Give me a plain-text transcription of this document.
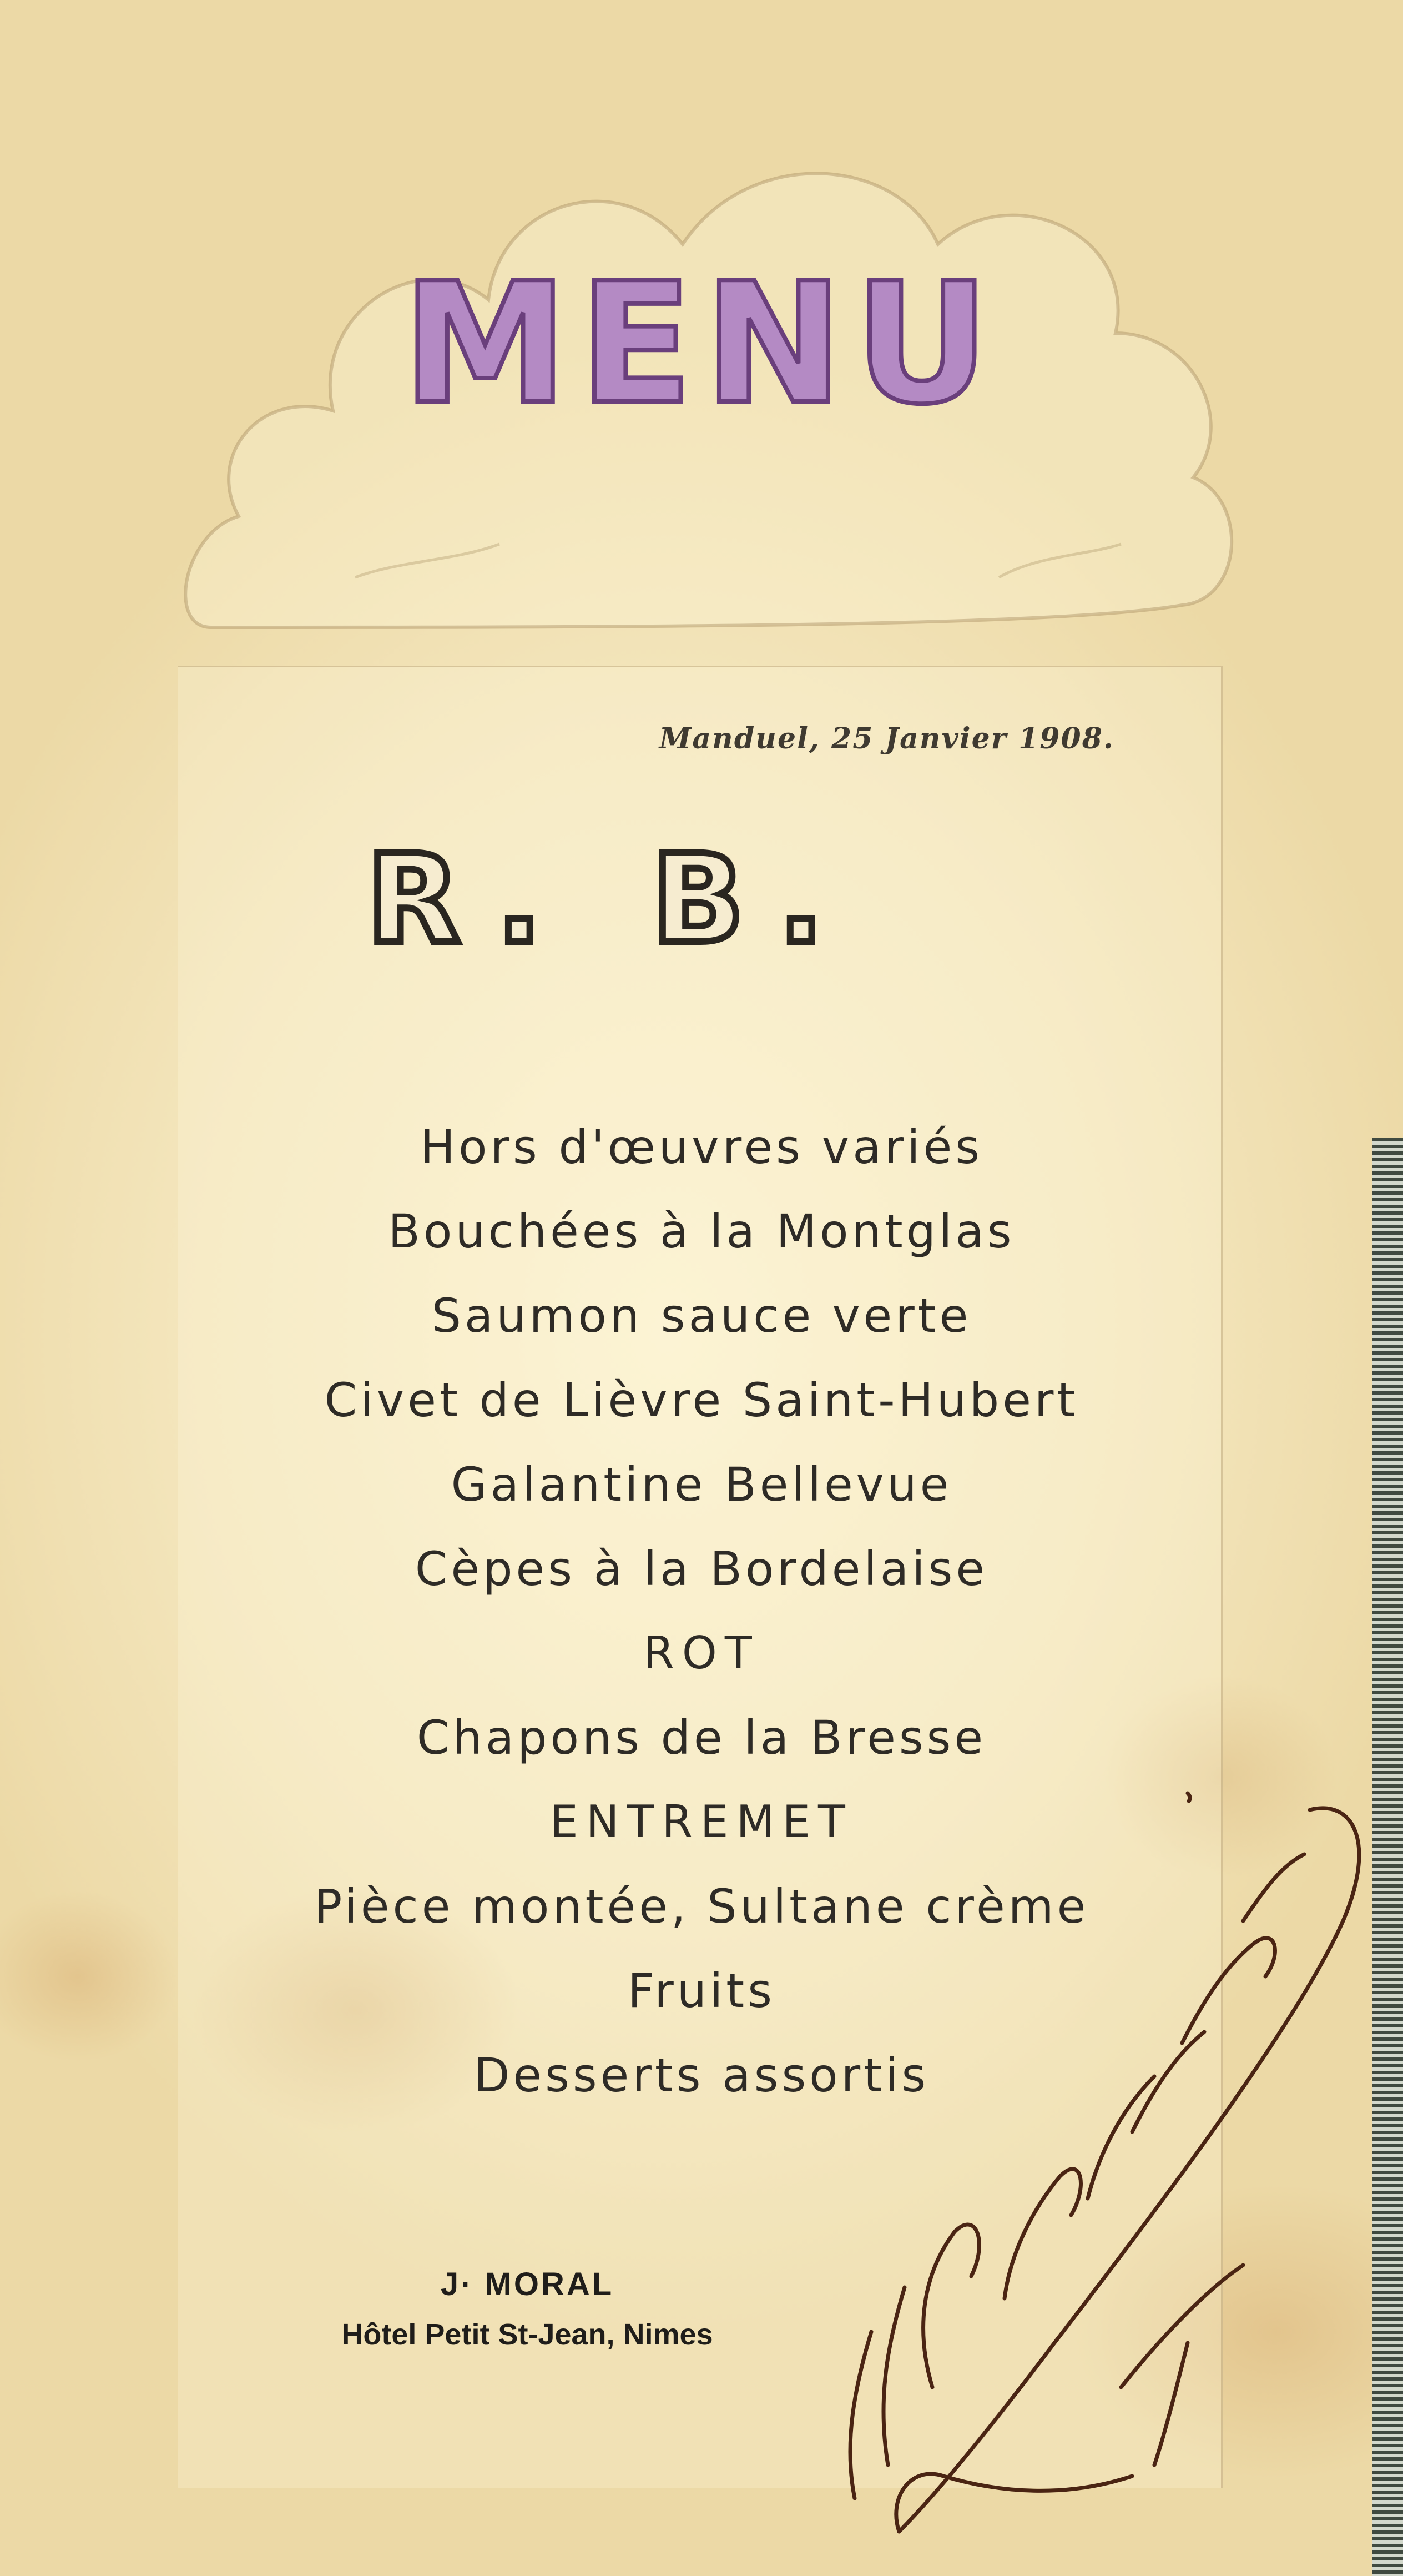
MENU
Manduel, 25 Janvier 1908.
R. B.
Hors d'œuvres variés
Bouchées à la Montglas
Saumon sauce verte
Civet de Lièvre Saint-Hubert
Galantine Bellevue
Cèpes à la Bordelaise
ROT
Chapons de la Bresse
ENTREMET
Pièce montée, Sultane crème
Fruits
Desserts assortis
J· MORAL
Hôtel Petit St-Jean, Nimes
